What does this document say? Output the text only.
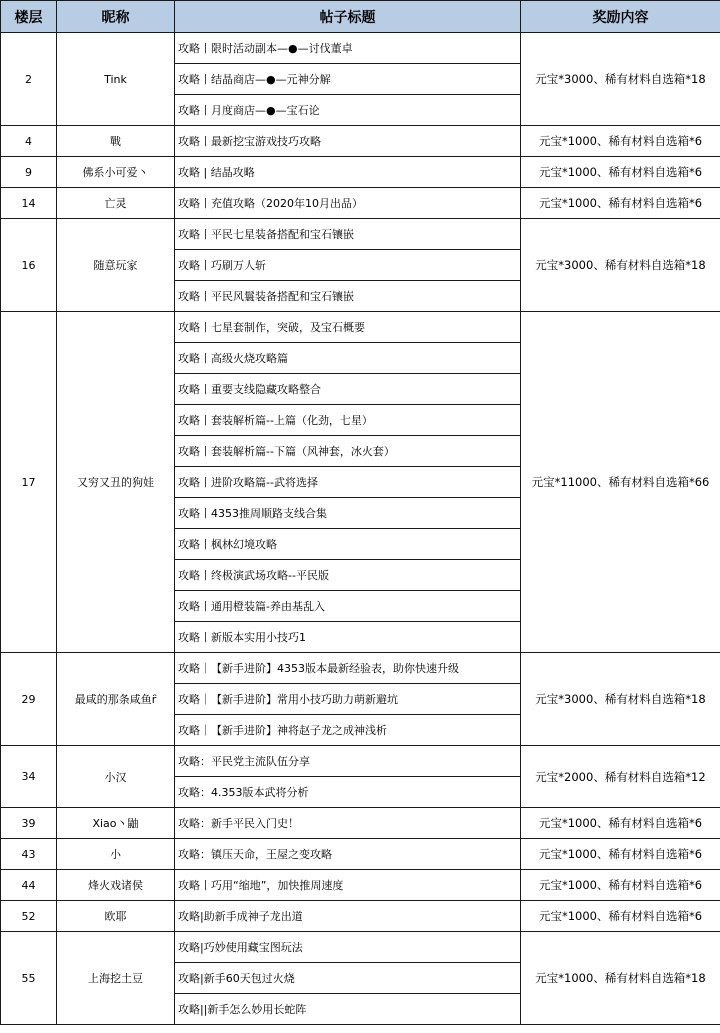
楼层	昵称	帖子标题	奖励内容
2	Tink	攻略丨限时活动副本—●—讨伐董卓	元宝*3000、稀有材料自选箱*18
		攻略丨结晶商店—●—元神分解	
		攻略丨月度商店—●—宝石论	
4	戰	攻略丨最新挖宝游戏技巧攻略	元宝*1000、稀有材料自选箱*6
9	佛系小可爱丶	攻略 | 结晶攻略	元宝*1000、稀有材料自选箱*6
14	亡灵	攻略丨充值攻略（2020年10月出品）	元宝*1000、稀有材料自选箱*6
16	随意玩家	攻略丨平民七星装备搭配和宝石镶嵌	元宝*3000、稀有材料自选箱*18
		攻略丨巧刷万人斩	
		攻略丨平民风鬟装备搭配和宝石镶嵌	
17	又穷又丑的狗娃	攻略丨七星套制作，突破，及宝石概要	元宝*11000、稀有材料自选箱*66
		攻略丨高级火烧攻略篇	
		攻略丨重要支线隐藏攻略整合	
		攻略丨套装解析篇--上篇（化劲，七星）	
		攻略丨套装解析篇--下篇（风神套，冰火套）	
		攻略丨进阶攻略篇--武将选择	
		攻略丨4353推周顺路支线合集	
		攻略丨枫林幻境攻略	
		攻略丨终极演武场攻略--平民版	
		攻略丨通用橙装篇-养由基乱入	
		攻略丨新版本实用小技巧1	
29	最咸的那条咸鱼ȓ	攻略｜【新手进阶】4353版本最新经验表，助你快速升级	元宝*3000、稀有材料自选箱*18
		攻略｜【新手进阶】常用小技巧助力萌新避坑	
		攻略｜【新手进阶】神将赵子龙之成神浅析	
34	小汉	攻略：平民党主流队伍分享	元宝*2000、稀有材料自选箱*12
		攻略：4.353版本武将分析	
39	Xiao丶鼬	攻略：新手平民入门史！	元宝*1000、稀有材料自选箱*6
43	小	攻略：镇压天命，王屋之变攻略	元宝*1000、稀有材料自选箱*6
44	烽火戏诸侯	攻略丨巧用“缩地”，加快推周速度	元宝*1000、稀有材料自选箱*6
52	欧耶	攻略|助新手成神子龙出道	元宝*1000、稀有材料自选箱*6
55	上海挖土豆	攻略|巧妙使用藏宝图玩法	元宝*1000、稀有材料自选箱*18
		攻略|新手60天包过火烧	
		攻略||新手怎么妙用长蛇阵	
